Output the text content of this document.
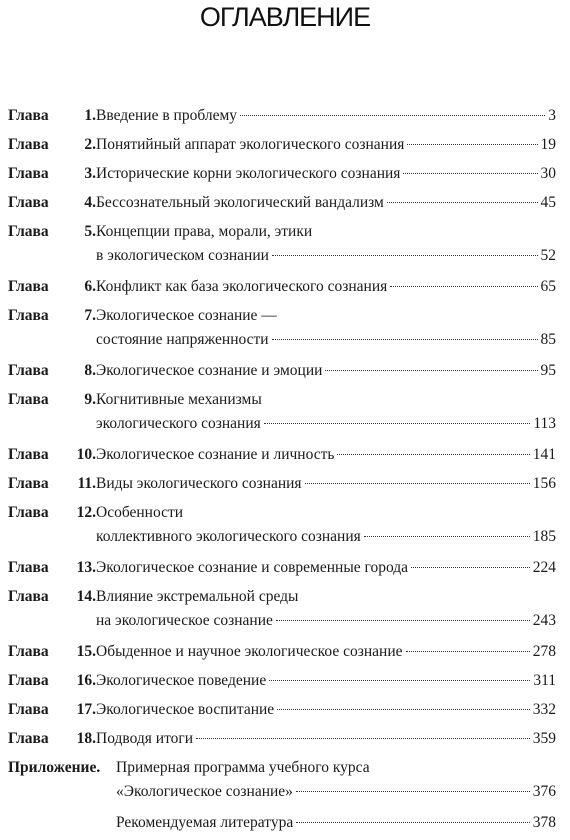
ОГЛАВЛЕНИЕ
Глава 1. Введение в проблему	3
Глава 2. Понятийный аппарат экологического сознания	19
Глава 3. Исторические корни экологического сознания	30
Глава 4. Бессознательный экологический вандализм	45
Глава 5. Концепции права, морали, этики
в экологическом сознании	52
Глава 6. Конфликт как база экологического сознания	65
Глава 7. Экологическое сознание —
состояние напряженности	85
Глава 8. Экологическое сознание и эмоции	95
Глава 9. Когнитивные механизмы
экологического сознания	113
Глава 10. Экологическое сознание и личность	141
Глава 11. Виды экологического сознания	156
Глава 12. Особенности
коллективного экологического сознания	185
Глава 13. Экологическое сознание и современные города	224
Глава 14. Влияние экстремальной среды
на экологическое сознание	243
Глава 15. Обыденное и научное экологическое сознание	278
Глава 16. Экологическое поведение	311
Глава 17. Экологическое воспитание	332
Глава 18. Подводя итоги	359
Приложение. Примерная программа учебного курса
«Экологическое сознание»	376
Рекомендуемая литература	378
